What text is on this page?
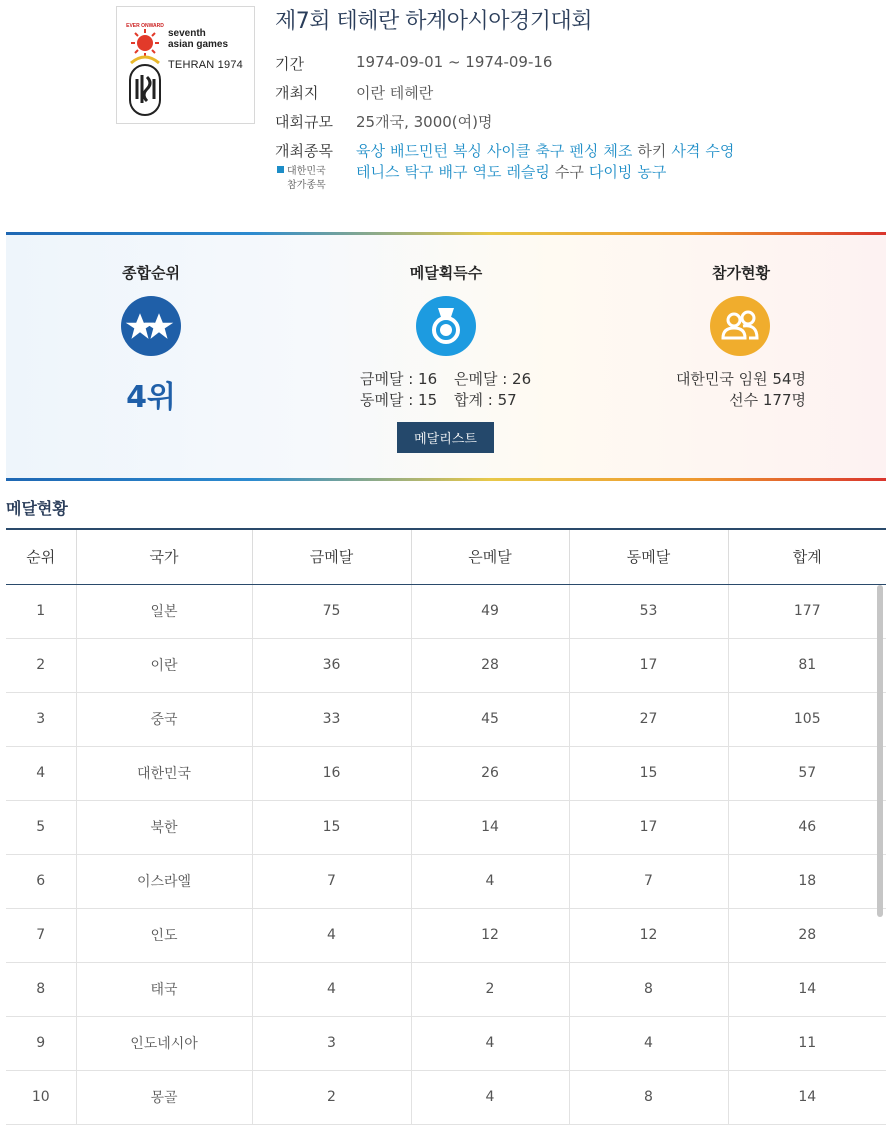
EVER ONWARD
seventh
asian games
TEHRAN 1974
제7회 테헤란 하계아시아경기대회
기간	1974-09-01 ~ 1974-09-16
개최지	이란 테헤란
대회규모 25개국, 3000(여)명
개최종목 육상 배드민턴 복싱 사이클 축구 펜싱 체조 하키 사격 수영
테니스 탁구 배구 역도 레슬링 수구 다이빙 농구
대한민국
참가종목
종합순위
4위
메달획득수
금메달 : 16 은메달 : 26
동메달 : 15 합계 : 57
메달리스트
참가현황
대한민국 임원 54명
선수 177명
메달현황
순위	국가	금메달	은메달	동메달	합계
1	일본	75	49	53	177
2	이란	36	28	17	81
3	중국	33	45	27	105
4	대한민국	16	26	15	57
5	북한	15	14	17	46
6	이스라엘	7	4	7	18
7	인도	4	12	12	28
8	태국	4	2	8	14
9	인도네시아	3	4	4	11
10	몽골	2	4	8	14
